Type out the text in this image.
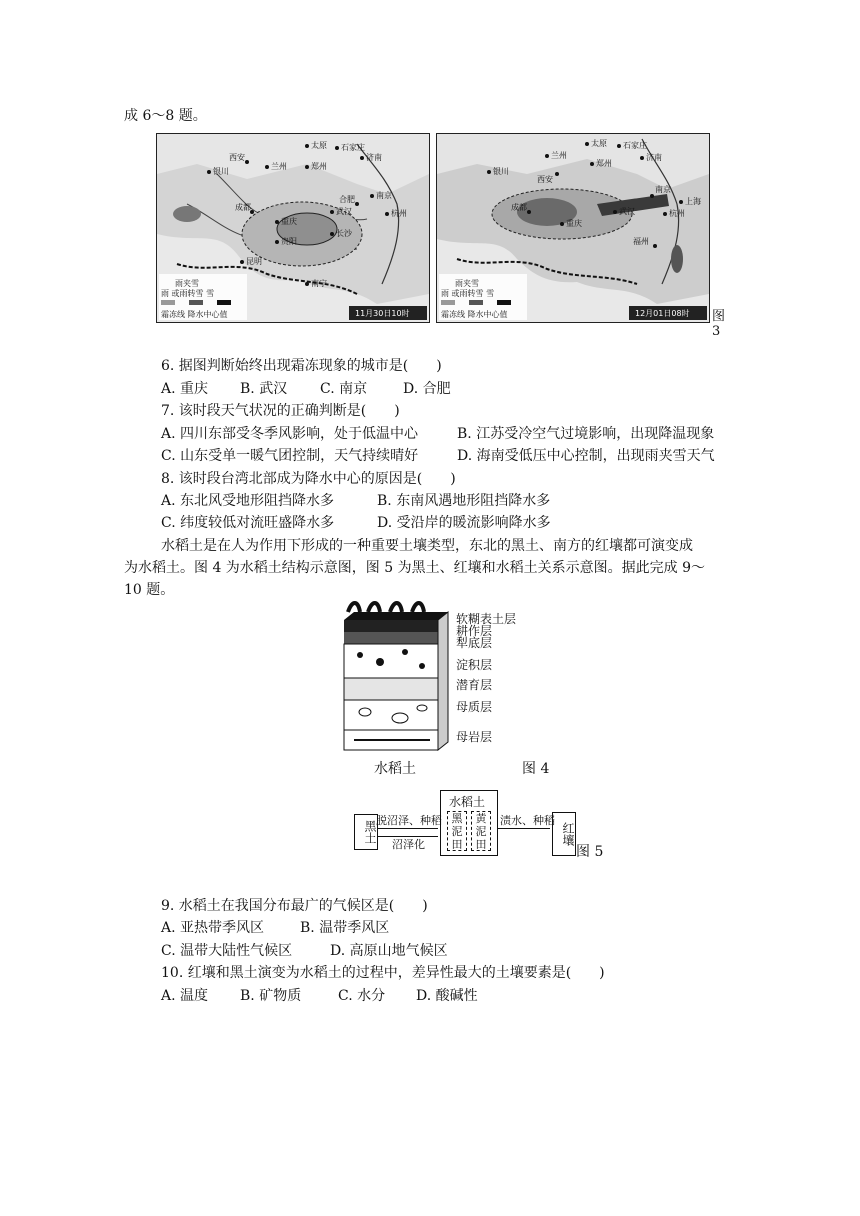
成 6～8 题。
银川
太原 石家庄
济南
西安
兰州	郑州
成都
重庆
武汉
南京
杭州
贵阳
昆明
南宁
长沙
合肥
雨夹雪
雨 或雨转雪 雪
霜冻线 降水中心值	11月30日10时
银川
太原 石家庄
济南
西安
兰州
郑州
成都
重庆
武汉
南京
杭州
福州
上海
雨夹雪
雨 或雨转雪 雪
霜冻线 降水中心值	12月01日08时 图 3
6. 据图判断始终出现霜冻现象的城市是(　　)
A. 重庆 B. 武汉 C. 南京	D. 合肥
7. 该时段天气状况的正确判断是(　　)
A. 四川东部受冬季风影响，处于低温中心	B. 江苏受冷空气过境影响，出现降温现象
C. 山东受单一暖气团控制，天气持续晴好	D. 海南受低压中心控制，出现雨夹雪天气
8. 该时段台湾北部成为降水中心的原因是(　　)
A. 东北风受地形阻挡降水多	B. 东南风遇地形阻挡降水多
C. 纬度较低对流旺盛降水多	D. 受沿岸的暖流影响降水多
水稻土是在人为作用下形成的一种重要土壤类型，东北的黑土、南方的红壤都可演变成
为水稻土。图 4 为水稻土结构示意图，图 5 为黑土、红壤和水稻土关系示意图。据此完成 9～
10 题。
软糊表土层
耕作层
犁底层
淀积层
潜育层
母质层
母岩层
水稻土	图 4
黑土 脱沼泽、种稻
沼泽化
水稻土
黑泥田
黄泥田
渍水、种稻
红壤
图 5
9. 水稻土在我国分布最广的气候区是(　　)
A. 亚热带季风区	B. 温带季风区
C. 温带大陆性气候区	D. 高原山地气候区
10. 红壤和黑土演变为水稻土的过程中，差异性最大的土壤要素是(　　)
A. 温度 B. 矿物质	C. 水分 D. 酸碱性
